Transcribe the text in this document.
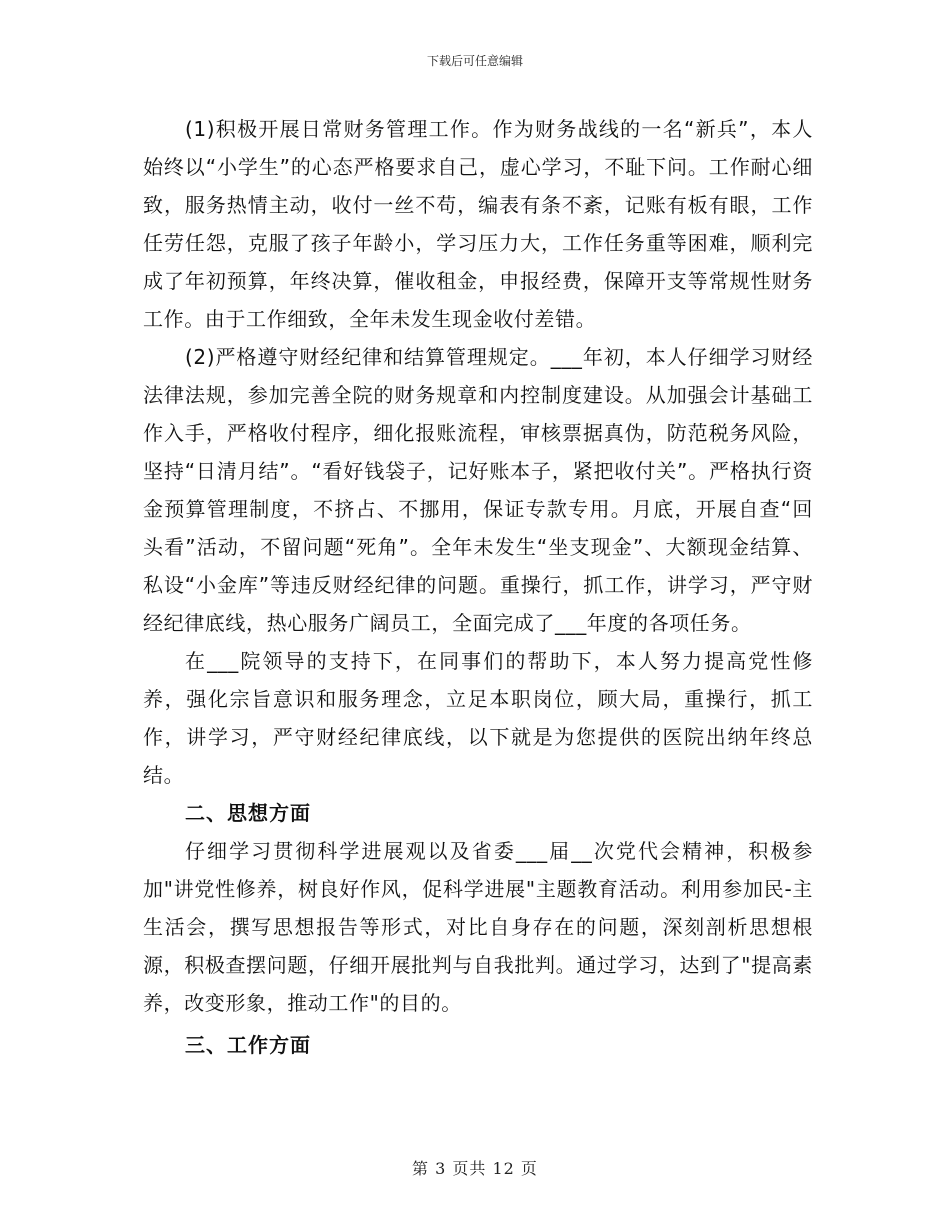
下载后可任意编辑

(1)积极开展日常财务管理工作。作为财务战线的一名“新兵”，本人始终以“小学生”的心态严格要求自己，虚心学习，不耻下问。工作耐心细致，服务热情主动，收付一丝不苟，编表有条不紊，记账有板有眼，工作任劳任怨，克服了孩子年龄小，学习压力大，工作任务重等困难，顺利完成了年初预算，年终决算，催收租金，申报经费，保障开支等常规性财务工作。由于工作细致，全年未发生现金收付差错。

(2)严格遵守财经纪律和结算管理规定。___年初，本人仔细学习财经法律法规，参加完善全院的财务规章和内控制度建设。从加强会计基础工作入手，严格收付程序，细化报账流程，审核票据真伪，防范税务风险，坚持“日清月结”。“看好钱袋子，记好账本子，紧把收付关”。严格执行资金预算管理制度，不挤占、不挪用，保证专款专用。月底，开展自查“回头看”活动，不留问题“死角”。全年未发生“坐支现金”、大额现金结算、私设“小金库”等违反财经纪律的问题。重操行，抓工作，讲学习，严守财经纪律底线，热心服务广阔员工，全面完成了___年度的各项任务。

在___院领导的支持下，在同事们的帮助下，本人努力提高党性修养，强化宗旨意识和服务理念，立足本职岗位，顾大局，重操行，抓工作，讲学习，严守财经纪律底线，以下就是为您提供的医院出纳年终总结。

二、思想方面

仔细学习贯彻科学进展观以及省委___届__次党代会精神，积极参加"讲党性修养，树良好作风，促科学进展"主题教育活动。利用参加民-主生活会，撰写思想报告等形式，对比自身存在的问题，深刻剖析思想根源，积极查摆问题，仔细开展批判与自我批判。通过学习，达到了"提高素养，改变形象，推动工作"的目的。

三、工作方面
第 3 页共 12 页
